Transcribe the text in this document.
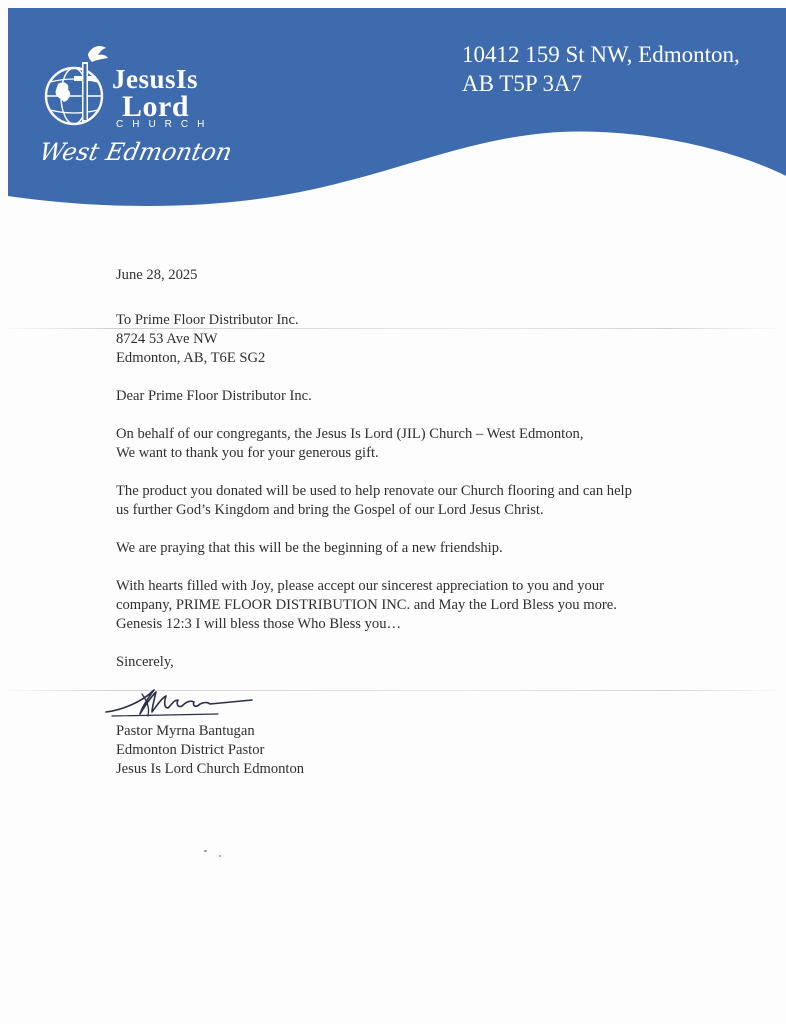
JesusIs
Lord
CHURCH
West Edmonton
10412 159 St NW, Edmonton,
AB T5P 3A7

June 28, 2025

To Prime Floor Distributor Inc.

8724 53 Ave NW

Edmonton, AB, T6E SG2

Dear Prime Floor Distributor Inc.

On behalf of our congregants, the Jesus Is Lord (JIL) Church – West Edmonton,
We want to thank you for your generous gift.

The product you donated will be used to help renovate our Church flooring and can help
us further God’s Kingdom and bring the Gospel of our Lord Jesus Christ.

We are praying that this will be the beginning of a new friendship.

With hearts filled with Joy, please accept our sincerest appreciation to you and your
company, PRIME FLOOR DISTRIBUTION INC. and May the Lord Bless you more.
Genesis 12:3 I will bless those Who Bless you…

Sincerely,

Pastor Myrna Bantugan

Edmonton District Pastor

Jesus Is Lord Church Edmonton
